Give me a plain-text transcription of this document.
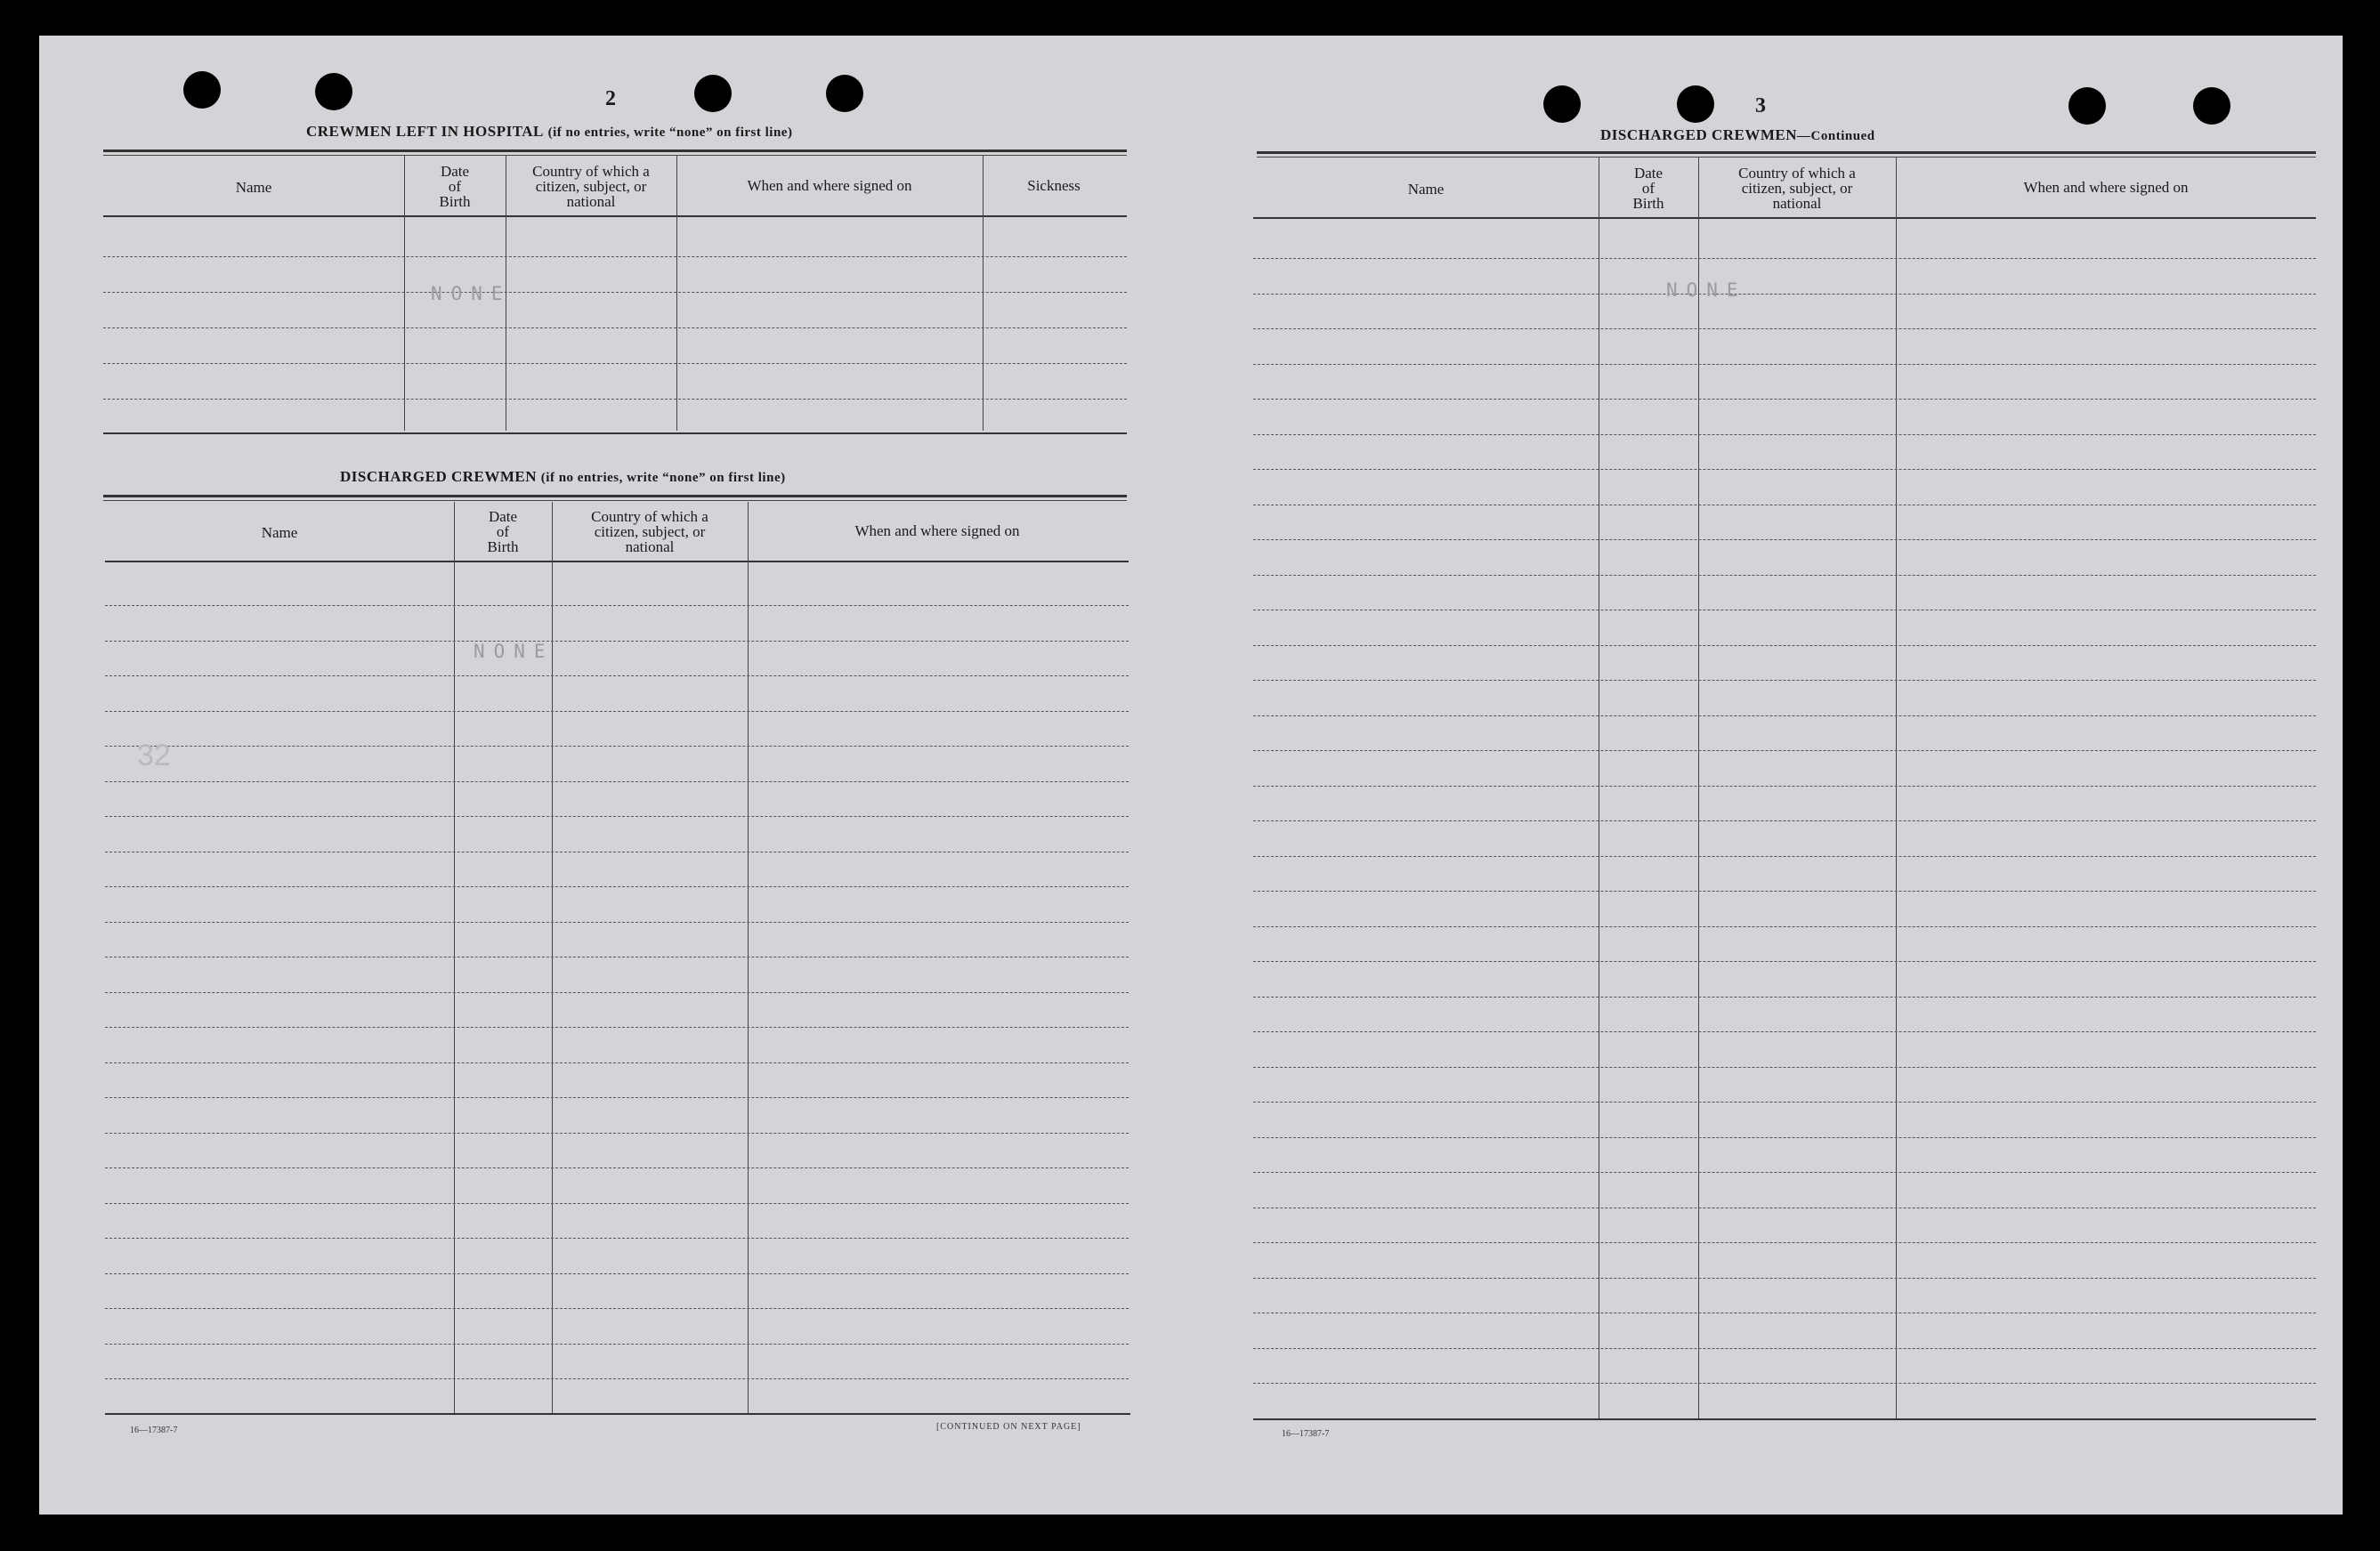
2
CREWMEN LEFT IN HOSPITAL (if no entries, write “none” on first line)
Name
Date
of
Birth
Country of which a
citizen, subject, or
national
When and where signed on	Sickness
NONE
DISCHARGED CREWMEN (if no entries, write “none” on first line)
Name
Date
of
Birth
Country of which a
citizen, subject, or
national
When and where signed on
NONE
32
16—17387-7	[CONTINUED ON NEXT PAGE]
3
DISCHARGED CREWMEN—Continued
Name
Date
of
Birth
Country of which a
citizen, subject, or
national
When and where signed on
NONE
16—17387-7
